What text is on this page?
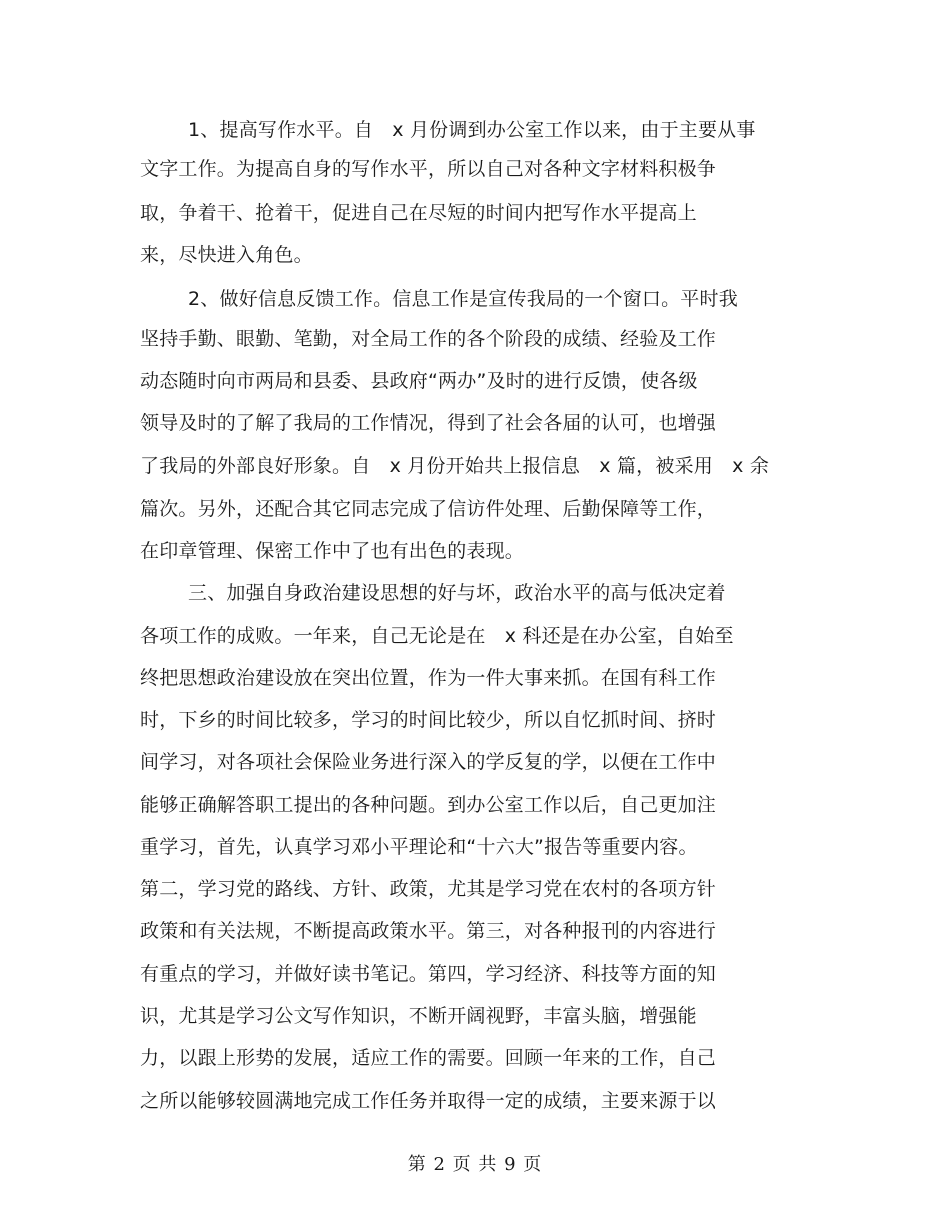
1、提高写作水平。自　x 月份调到办公室工作以来，由于主要从事
文字工作。为提高自身的写作水平，所以自己对各种文字材料积极争
取，争着干、抢着干，促进自己在尽短的时间内把写作水平提高上
来，尽快进入角色。
2、做好信息反馈工作。信息工作是宣传我局的一个窗口。平时我
坚持手勤、眼勤、笔勤，对全局工作的各个阶段的成绩、经验及工作
动态随时向市两局和县委、县政府“两办”及时的进行反馈，使各级
领导及时的了解了我局的工作情况，得到了社会各届的认可，也增强
了我局的外部良好形象。自　x 月份开始共上报信息　x 篇，被采用　x 余
篇次。另外，还配合其它同志完成了信访件处理、后勤保障等工作，
在印章管理、保密工作中了也有出色的表现。
三、加强自身政治建设思想的好与坏，政治水平的高与低决定着
各项工作的成败。一年来，自己无论是在　x 科还是在办公室，自始至
终把思想政治建设放在突出位置，作为一件大事来抓。在国有科工作
时，下乡的时间比较多，学习的时间比较少，所以自忆抓时间、挤时
间学习，对各项社会保险业务进行深入的学反复的学，以便在工作中
能够正确解答职工提出的各种问题。到办公室工作以后，自己更加注
重学习，首先，认真学习邓小平理论和“十六大”报告等重要内容。
第二，学习党的路线、方针、政策，尤其是学习党在农村的各项方针
政策和有关法规，不断提高政策水平。第三，对各种报刊的内容进行
有重点的学习，并做好读书笔记。第四，学习经济、科技等方面的知
识，尤其是学习公文写作知识，不断开阔视野，丰富头脑，增强能
力，以跟上形势的发展，适应工作的需要。回顾一年来的工作，自己
之所以能够较圆满地完成工作任务并取得一定的成绩，主要来源于以
第 2 页 共 9 页
